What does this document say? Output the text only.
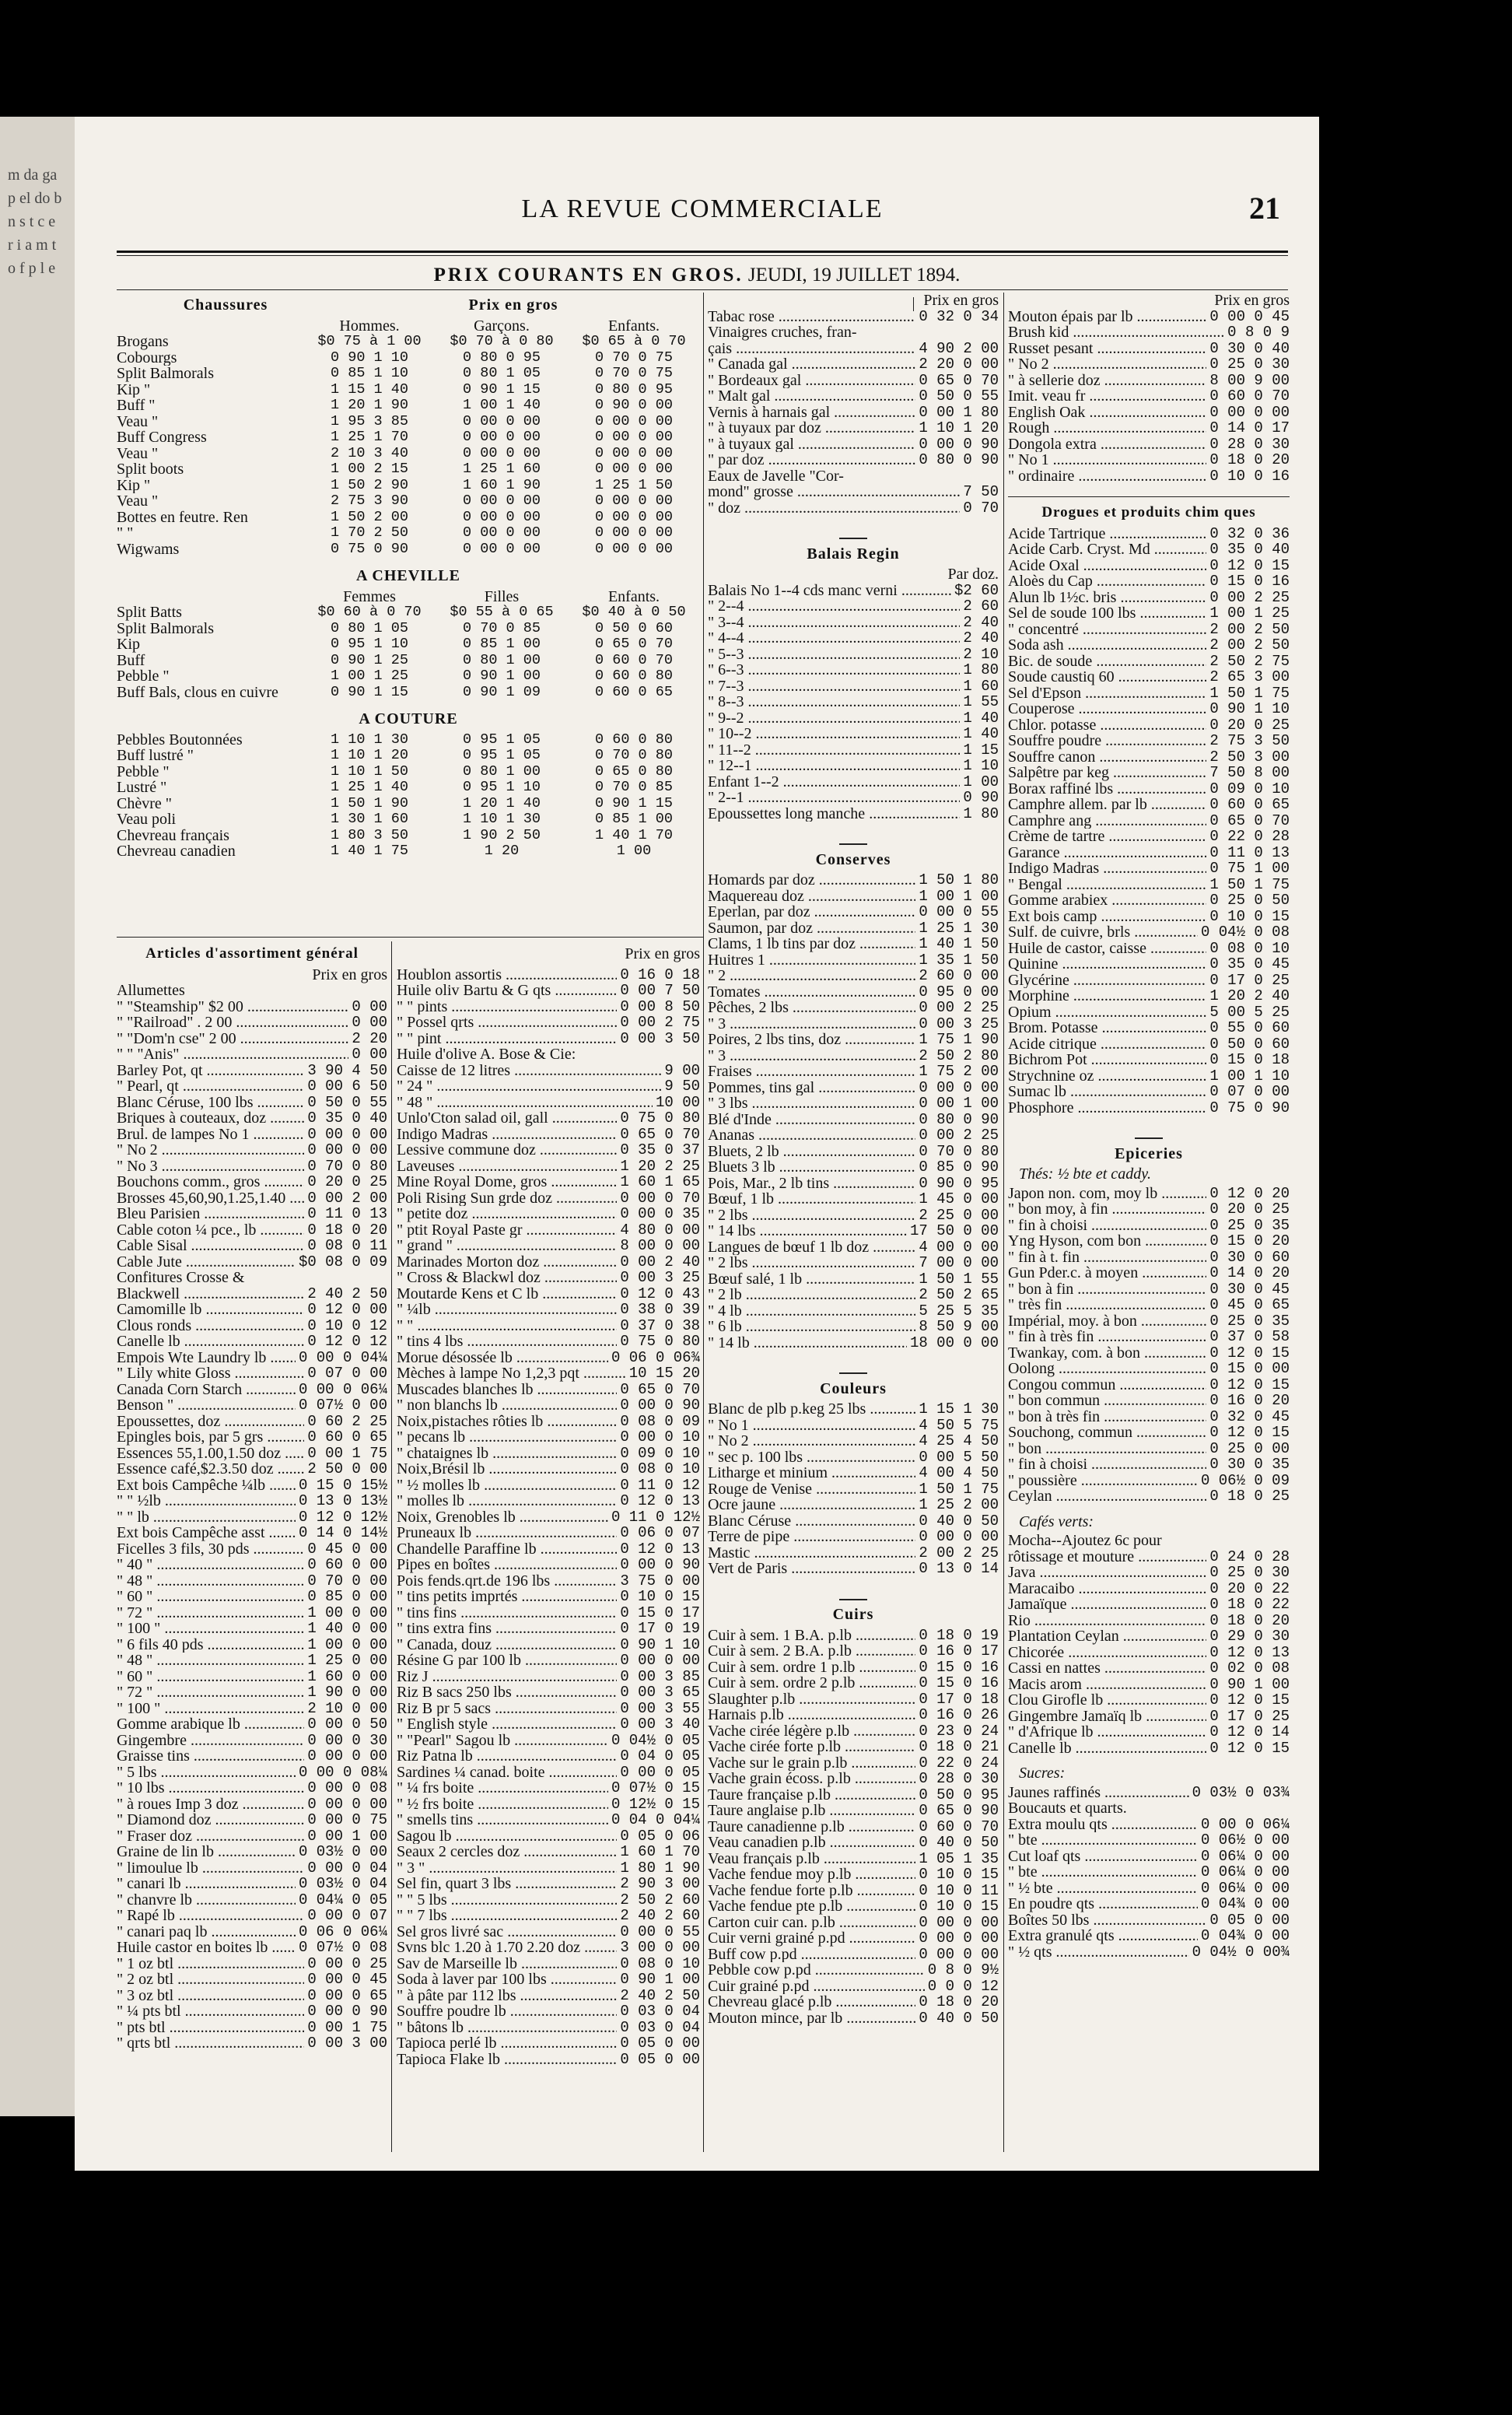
m da ga p el do b n s t c e r i a m t o f p l e
LA REVUE COMMERCIALE	21
PRIX COURANTS EN GROS. JEUDI, 19 JUILLET 1894.
Chaussures	Prix en gros
Hommes.	Garçons.	Enfants.
Brogans	$0 75 à 1 00	$0 70 à 0 80	$0 65 à 0 70
Cobourgs	0 90 1 10	0 80 0 95	0 70 0 75
Split Balmorals	0 85 1 10	0 80 1 05	0 70 0 75
Kip "	1 15 1 40	0 90 1 15	0 80 0 95
Buff "	1 20 1 90	1 00 1 40	0 90 0 00
Veau "	1 95 3 85	0 00 0 00	0 00 0 00
Buff Congress	1 25 1 70	0 00 0 00	0 00 0 00
Veau "	2 10 3 40	0 00 0 00	0 00 0 00
Split boots	1 00 2 15	1 25 1 60	0 00 0 00
Kip "	1 50 2 90	1 60 1 90	1 25 1 50
Veau "	2 75 3 90	0 00 0 00	0 00 0 00
Bottes en feutre. Ren	1 50 2 00	0 00 0 00	0 00 0 00
" "	1 70 2 50	0 00 0 00	0 00 0 00
Wigwams	0 75 0 90	0 00 0 00	0 00 0 00
A CHEVILLE
Femmes	Filles	Enfants.
Split Batts	$0 60 à 0 70	$0 55 à 0 65	$0 40 à 0 50
Split Balmorals	0 80 1 05	0 70 0 85	0 50 0 60
Kip	0 95 1 10	0 85 1 00	0 65 0 70
Buff	0 90 1 25	0 80 1 00	0 60 0 70
Pebble "	1 00 1 25	0 90 1 00	0 60 0 80
Buff Bals, clous en cuivre	0 90 1 15	0 90 1 09	0 60 0 65
A COUTURE
Pebbles Boutonnées	1 10 1 30	0 95 1 05	0 60 0 80
Buff lustré "	1 10 1 20	0 95 1 05	0 70 0 80
Pebble "	1 10 1 50	0 80 1 00	0 65 0 80
Lustré "	1 25 1 40	0 95 1 10	0 70 0 85
Chèvre "	1 50 1 90	1 20 1 40	0 90 1 15
Veau poli	1 30 1 60	1 10 1 30	0 85 1 00
Chevreau français	1 80 3 50	1 90 2 50	1 40 1 70
Chevreau canadien	1 40 1 75	1 20	1 00
Articles d'assortiment général
Prix en gros
Allumettes
" "Steamship" $2 00 .....	0 00
" "Railroad" . 2 00 .....	0 00
" "Dom'n cse" 2 00 .....	2 20
" " "Anis" .....	0 00
Barley Pot, qt .....	3 90 4 50
" Pearl, qt .....	0 00 6 50
Blanc Céruse, 100 lbs .....	0 50 0 55
Briques à couteaux, doz .....	0 35 0 40
Brul. de lampes No 1 .....	0 00 0 00
" No 2 .....	0 00 0 00
" No 3 .....	0 70 0 80
Bouchons comm., gros .....	0 20 0 25
Brosses 45,60,90,1.25,1.40 .....	0 00 2 00
Bleu Parisien .....	0 11 0 13
Cable coton ¼ pce., lb .....	0 18 0 20
Cable Sisal .....	0 08 0 11
Cable Jute .....	$0 08 0 09
Confitures Crosse &
Blackwell .....	2 40 2 50
Camomille lb .....	0 12 0 00
Clous ronds .....	0 10 0 12
Canelle lb .....	0 12 0 12
Empois Wte Laundry lb .....	0 00 0 04¼
" Lily white Gloss .....	0 07 0 00
Canada Corn Starch .....	0 00 0 06¼
Benson " .....	0 07½ 0 00
Epoussettes, doz .....	0 60 2 25
Epingles bois, par 5 grs .....	0 60 0 65
Essences 55,1.00,1.50 doz .....	0 00 1 75
Essence café,$2.3.50 doz .....	2 50 0 00
Ext bois Campêche ¼lb .....	0 15 0 15½
" " ½lb .....	0 13 0 13½
" " lb .....	0 12 0 12½
Ext bois Campêche asst .....	0 14 0 14½
Ficelles 3 fils, 30 pds .....	0 45 0 00
" 40 " .....	0 60 0 00
" 48 " .....	0 70 0 00
" 60 " .....	0 85 0 00
" 72 " .....	1 00 0 00
" 100 " .....	1 40 0 00
" 6 fils 40 pds .....	1 00 0 00
" 48 " .....	1 25 0 00
" 60 " .....	1 60 0 00
" 72 " .....	1 90 0 00
" 100 " .....	2 10 0 00
Gomme arabique lb .....	0 00 0 50
Gingembre .....	0 00 0 30
Graisse tins .....	0 00 0 00
" 5 lbs .....	0 00 0 08¼
" 10 lbs .....	0 00 0 08
" à roues Imp 3 doz .....	0 00 0 00
" Diamond doz .....	0 00 0 75
" Fraser doz .....	0 00 1 00
Graine de lin lb .....	0 03½ 0 00
" limoulue lb .....	0 00 0 04
" canari lb .....	0 03½ 0 04
" chanvre lb .....	0 04¼ 0 05
" Rapé lb .....	0 00 0 07
" canari paq lb .....	0 06 0 06¼
Huile castor en boites lb .....	0 07½ 0 08
" 1 oz btl .....	0 00 0 25
" 2 oz btl .....	0 00 0 45
" 3 oz btl .....	0 00 0 65
" ¼ pts btl .....	0 00 0 90
" pts btl .....	0 00 1 75
" qrts btl .....	0 00 3 00
Prix en gros
Houblon assortis .....	0 16 0 18
Huile oliv Bartu & G qts .....	0 00 7 50
" " pints .....	0 00 8 50
" Possel qrts .....	0 00 2 75
" " pint .....	0 00 3 50
Huile d'olive A. Bose & Cie:
Caisse de 12 litres .....	9 00
" 24 " .....	9 50
" 48 " .....	10 00
Unlo'Cton salad oil, gall .....	0 75 0 80
Indigo Madras .....	0 65 0 70
Lessive commune doz .....	0 35 0 37
Laveuses .....	1 20 2 25
Mine Royal Dome, gros .....	1 60 1 65
Poli Rising Sun grde doz .....	0 00 0 70
" petite doz .....	0 00 0 35
" ptit Royal Paste gr .....	4 80 0 00
" grand " .....	8 00 0 00
Marinades Morton doz .....	0 00 2 40
" Cross & Blackwl doz .....	0 00 3 25
Moutarde Kens et C lb .....	0 12 0 43
" ¼lb .....	0 38 0 39
" " .....	0 37 0 38
" tins 4 lbs .....	0 75 0 80
Morue désossée lb .....	0 06 0 06¾
Mèches à lampe No 1,2,3 pqt .....	10 15 20
Muscades blanches lb .....	0 65 0 70
" non blanchs lb .....	0 00 0 90
Noix,pistaches rôties lb .....	0 08 0 09
" pecans lb .....	0 00 0 10
" chataignes lb .....	0 09 0 10
Noix,Brésil lb .....	0 08 0 10
" ½ molles lb .....	0 11 0 12
" molles lb .....	0 12 0 13
Noix, Grenobles lb .....	0 11 0 12½
Pruneaux lb .....	0 06 0 07
Chandelle Paraffine lb .....	0 12 0 13
Pipes en boîtes .....	0 00 0 90
Pois fends.qrt.de 196 lbs .....	3 75 0 00
" tins petits imprtés .....	0 10 0 15
" tins fins .....	0 15 0 17
" tins extra fins .....	0 17 0 19
" Canada, douz .....	0 90 1 10
Résine G par 100 lb .....	0 00 0 00
Riz J .....	0 00 3 85
Riz B sacs 250 lbs .....	0 00 3 65
Riz B pr 5 sacs .....	0 00 3 55
" English style .....	0 00 3 40
" "Pearl" Sagou lb .....	0 04½ 0 05
Riz Patna lb .....	0 04 0 05
Sardines ¼ canad. boite .....	0 00 0 05
" ¼ frs boite .....	0 07½ 0 15
" ½ frs boite .....	0 12½ 0 15
" smells tins .....	0 04 0 04¼
Sagou lb .....	0 05 0 06
Seaux 2 cercles doz .....	1 60 1 70
" 3 " .....	1 80 1 90
Sel fin, quart 3 lbs .....	2 90 3 00
" " 5 lbs .....	2 50 2 60
" " 7 lbs .....	2 40 2 60
Sel gros livré sac .....	0 00 0 55
Svns blc 1.20 à 1.70 2.20 doz .....	3 00 0 00
Sav de Marseille lb .....	0 08 0 10
Soda à laver par 100 lbs .....	0 90 1 00
" à pâte par 112 lbs .....	2 40 2 50
Souffre poudre lb .....	0 03 0 04
" bâtons lb .....	0 03 0 04
Tapioca perlé lb .....	0 05 0 00
Tapioca Flake lb .....	0 05 0 00
Prix en gros
Tabac rose .....	0 32 0 34
Vinaigres cruches, fran-
çais .....	4 90 2 00
" Canada gal .....	2 20 0 00
" Bordeaux gal .....	0 65 0 70
" Malt gal .....	0 50 0 55
Vernis à harnais gal .....	0 00 1 80
" à tuyaux par doz .....	1 10 1 20
" à tuyaux gal .....	0 00 0 90
" par doz .....	0 80 0 90
Eaux de Javelle "Cor-
mond" grosse .....	7 50
" doz .....	0 70
Balais Regin
Par doz.
Balais No 1--4 cds manc verni .....	$2 60
" 2--4 .....	2 60
" 3--4 .....	2 40
" 4--4 .....	2 40
" 5--3 .....	2 10
" 6--3 .....	1 80
" 7--3 .....	1 60
" 8--3 .....	1 55
" 9--2 .....	1 40
" 10--2 .....	1 40
" 11--2 .....	1 15
" 12--1 .....	1 10
Enfant 1--2 .....	1 00
" 2--1 .....	0 90
Epoussettes long manche .....	1 80
Conserves
Homards par doz .....	1 50 1 80
Maquereau doz .....	1 00 1 00
Eperlan, par doz .....	0 00 0 55
Saumon, par doz .....	1 25 1 30
Clams, 1 lb tins par doz .....	1 40 1 50
Huitres 1 .....	1 35 1 50
" 2 .....	2 60 0 00
Tomates .....	0 95 0 00
Pêches, 2 lbs .....	0 00 2 25
" 3 .....	0 00 3 25
Poires, 2 lbs tins, doz .....	1 75 1 90
" 3 .....	2 50 2 80
Fraises .....	1 75 2 00
Pommes, tins gal .....	0 00 0 00
" 3 lbs .....	0 00 1 00
Blé d'Inde .....	0 80 0 90
Ananas .....	0 00 2 25
Bluets, 2 lb .....	0 70 0 80
Bluets 3 lb .....	0 85 0 90
Pois, Mar., 2 lb tins .....	0 90 0 95
Bœuf, 1 lb .....	1 45 0 00
" 2 lbs .....	2 25 0 00
" 14 lbs .....	17 50 0 00
Langues de bœuf 1 lb doz .....	4 00 0 00
" 2 lbs .....	7 00 0 00
Bœuf salé, 1 lb .....	1 50 1 55
" 2 lb .....	2 50 2 65
" 4 lb .....	5 25 5 35
" 6 lb .....	8 50 9 00
" 14 lb .....	18 00 0 00
Couleurs
Blanc de plb p.keg 25 lbs .....	1 15 1 30
" No 1 .....	4 50 5 75
" No 2 .....	4 25 4 50
" sec p. 100 lbs .....	0 00 5 50
Litharge et minium .....	4 00 4 50
Rouge de Venise .....	1 50 1 75
Ocre jaune .....	1 25 2 00
Blanc Céruse .....	0 40 0 50
Terre de pipe .....	0 00 0 00
Mastic .....	2 00 2 25
Vert de Paris .....	0 13 0 14
Cuirs
Cuir à sem. 1 B.A. p.lb .....	0 18 0 19
Cuir à sem. 2 B.A. p.lb .....	0 16 0 17
Cuir à sem. ordre 1 p.lb .....	0 15 0 16
Cuir à sem. ordre 2 p.lb .....	0 15 0 16
Slaughter p.lb .....	0 17 0 18
Harnais p.lb .....	0 16 0 26
Vache cirée légère p.lb .....	0 23 0 24
Vache cirée forte p.lb .....	0 18 0 21
Vache sur le grain p.lb .....	0 22 0 24
Vache grain écoss. p.lb .....	0 28 0 30
Taure française p.lb .....	0 50 0 95
Taure anglaise p.lb .....	0 65 0 90
Taure canadienne p.lb .....	0 60 0 70
Veau canadien p.lb .....	0 40 0 50
Veau français p.lb .....	1 05 1 35
Vache fendue moy p.lb .....	0 10 0 15
Vache fendue forte p.lb .....	0 10 0 11
Vache fendue pte p.lb .....	0 10 0 15
Carton cuir can. p.lb .....	0 00 0 00
Cuir verni grainé p.pd .....	0 00 0 00
Buff cow p.pd .....	0 00 0 00
Pebble cow p.pd .....	0 8 0 9½
Cuir grainé p.pd .....	0 0 0 12
Chevreau glacé p.lb .....	0 18 0 20
Mouton mince, par lb .....	0 40 0 50
Prix en gros
Mouton épais par lb .....	0 00 0 45
Brush kid .....	0 8 0 9
Russet pesant .....	0 30 0 40
" No 2 .....	0 25 0 30
" à sellerie doz .....	8 00 9 00
Imit. veau fr .....	0 60 0 70
English Oak .....	0 00 0 00
Rough .....	0 14 0 17
Dongola extra .....	0 28 0 30
" No 1 .....	0 18 0 20
" ordinaire .....	0 10 0 16
Drogues et produits chim ques
Acide Tartrique .....	0 32 0 36
Acide Carb. Cryst. Md .....	0 35 0 40
Acide Oxal .....	0 12 0 15
Aloès du Cap .....	0 15 0 16
Alun lb 1½c. bris .....	0 00 2 25
Sel de soude 100 lbs .....	1 00 1 25
" concentré .....	2 00 2 50
Soda ash .....	2 00 2 50
Bic. de soude .....	2 50 2 75
Soude caustiq 60 .....	2 65 3 00
Sel d'Epson .....	1 50 1 75
Couperose .....	0 90 1 10
Chlor. potasse .....	0 20 0 25
Souffre poudre .....	2 75 3 50
Souffre canon .....	2 50 3 00
Salpêtre par keg .....	7 50 8 00
Borax raffiné lbs .....	0 09 0 10
Camphre allem. par lb .....	0 60 0 65
Camphre ang .....	0 65 0 70
Crème de tartre .....	0 22 0 28
Garance .....	0 11 0 13
Indigo Madras .....	0 75 1 00
" Bengal .....	1 50 1 75
Gomme arabiex .....	0 25 0 50
Ext bois camp .....	0 10 0 15
Sulf. de cuivre, brls .....	0 04½ 0 08
Huile de castor, caisse .....	0 08 0 10
Quinine .....	0 35 0 45
Glycérine .....	0 17 0 25
Morphine .....	1 20 2 40
Opium .....	5 00 5 25
Brom. Potasse .....	0 55 0 60
Acide citrique .....	0 50 0 60
Bichrom Pot .....	0 15 0 18
Strychnine oz .....	1 00 1 10
Sumac lb .....	0 07 0 00
Phosphore .....	0 75 0 90
Epiceries
Thés: ½ bte et caddy.
Japon non. com, moy lb .....	0 12 0 20
" bon moy, à fin .....	0 20 0 25
" fin à choisi .....	0 25 0 35
Yng Hyson, com bon .....	0 15 0 20
" fin à t. fin .....	0 30 0 60
Gun Pder.c. à moyen .....	0 14 0 20
" bon à fin .....	0 30 0 45
" très fin .....	0 45 0 65
Impérial, moy. à bon .....	0 25 0 35
" fin à très fin .....	0 37 0 58
Twankay, com. à bon .....	0 12 0 15
Oolong .....	0 15 0 00
Congou commun .....	0 12 0 15
" bon commun .....	0 16 0 20
" bon à très fin .....	0 32 0 45
Souchong, commun .....	0 12 0 15
" bon .....	0 25 0 00
" fin à choisi .....	0 30 0 35
" poussière .....	0 06½ 0 09
Ceylan .....	0 18 0 25
Cafés verts:
Mocha--Ajoutez 6c pour
rôtissage et mouture .....	0 24 0 28
Java .....	0 25 0 30
Maracaibo .....	0 20 0 22
Jamaïque .....	0 18 0 22
Rio .....	0 18 0 20
Plantation Ceylan .....	0 29 0 30
Chicorée .....	0 12 0 13
Cassi en nattes .....	0 02 0 08
Macis arom .....	0 90 1 00
Clou Girofle lb .....	0 12 0 15
Gingembre Jamaïq lb .....	0 17 0 25
" d'Afrique lb .....	0 12 0 14
Canelle lb .....	0 12 0 15
Sucres:
Jaunes raffinés .....	0 03½ 0 03¾
Boucauts et quarts.
Extra moulu qts .....	0 00 0 06¼
" bte .....	0 06½ 0 00
Cut loaf qts .....	0 06¼ 0 00
" bte .....	0 06¼ 0 00
" ½ bte .....	0 06¼ 0 00
En poudre qts .....	0 04¾ 0 00
Boîtes 50 lbs .....	0 05 0 00
Extra granulé qts .....	0 04¾ 0 00
" ½ qts .....	0 04½ 0 00¾
